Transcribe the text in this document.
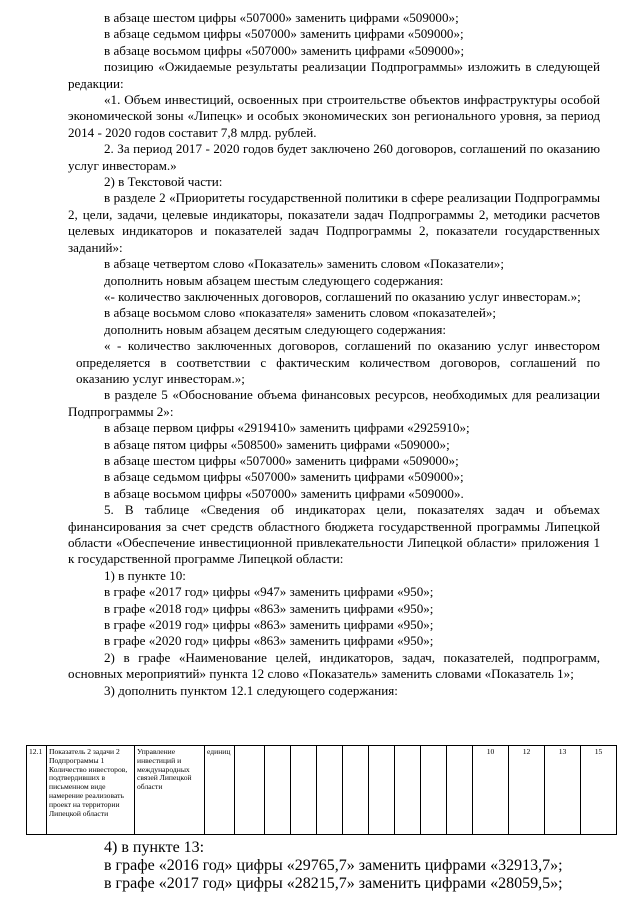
в абзаце шестом цифры «507000» заменить цифрами «509000»;

в абзаце седьмом цифры «507000» заменить цифрами «509000»;

в абзаце восьмом цифры «507000» заменить цифрами «509000»;

позицию «Ожидаемые результаты реализации Подпрограммы» изложить в следующей редакции:

«1. Объем инвестиций, освоенных при строительстве объектов инфраструктуры особой экономической зоны «Липецк» и особых экономических зон регионального уровня, за период 2014 - 2020 годов составит 7,8 млрд. рублей.

2. За период 2017 - 2020 годов будет заключено 260 договоров, соглашений по оказанию услуг инвесторам.»

2) в Текстовой части:

в разделе 2 «Приоритеты государственной политики в сфере реализации Подпрограммы 2, цели, задачи, целевые индикаторы, показатели задач Подпрограммы 2, методики расчетов целевых индикаторов и показателей задач Подпрограммы 2, показатели государственных заданий»:

в абзаце четвертом слово «Показатель» заменить словом «Показатели»;

дополнить новым абзацем шестым следующего содержания:

«- количество заключенных договоров, соглашений по оказанию услуг инвесторам.»;

в абзаце восьмом слово «показателя» заменить словом «показателей»;

дополнить новым абзацем десятым следующего содержания:

« - количество заключенных договоров, соглашений по оказанию услуг инвестором определяется в соответствии с фактическим количеством договоров, соглашений по оказанию услуг инвесторам.»;

в разделе 5 «Обоснование объема финансовых ресурсов, необходимых для реализации Подпрограммы 2»:

в абзаце первом цифры «2919410» заменить цифрами «2925910»;

в абзаце пятом цифры «508500» заменить цифрами «509000»;

в абзаце шестом цифры «507000» заменить цифрами «509000»;

в абзаце седьмом цифры «507000» заменить цифрами «509000»;

в абзаце восьмом цифры «507000» заменить цифрами «509000».

5. В таблице «Сведения об индикаторах цели, показателях задач и объемах финансирования за счет средств областного бюджета государственной программы Липецкой области «Обеспечение инвестиционной привлекательности Липецкой области» приложения 1 к государственной программе Липецкой области:

1) в пункте 10:

в графе «2017 год» цифры «947» заменить цифрами «950»;

в графе «2018 год» цифры «863» заменить цифрами «950»;

в графе «2019 год» цифры «863» заменить цифрами «950»;

в графе «2020 год» цифры «863» заменить цифрами «950»;

2) в графе «Наименование целей, индикаторов, задач, показателей, подпрограмм, основных мероприятий» пункта 12 слово «Показатель» заменить словами «Показатель 1»;

3) дополнить пунктом 12.1 следующего содержания:

12.1	Показатель 2 задачи 2 Подпрограммы 1
Количество инвесторов, подтвердивших в письменном виде намерение реализовать проект на территории Липецкой области
	Управление инвестиций и международных связей Липецкой области	единиц										10	12	13	15

4) в пункте 13:

в графе «2016 год» цифры «29765,7» заменить цифрами «32913,7»;

в графе «2017 год» цифры «28215,7» заменить цифрами «28059,5»;
